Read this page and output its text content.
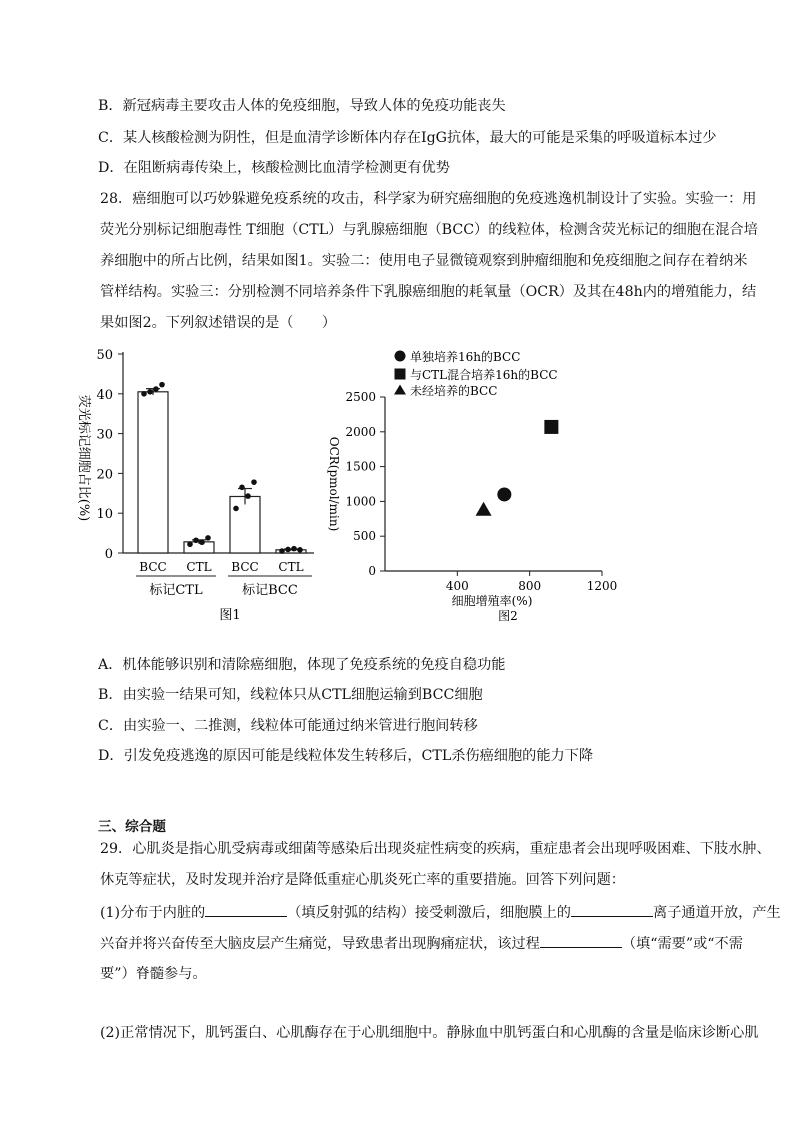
B．新冠病毒主要攻击人体的免疫细胞，导致人体的免疫功能丧失
C．某人核酸检测为阴性，但是血清学诊断体内存在IgG抗体，最大的可能是采集的呼吸道标本过少
D．在阻断病毒传染上，核酸检测比血清学检测更有优势
28．癌细胞可以巧妙躲避免疫系统的攻击，科学家为研究癌细胞的免疫逃逸机制设计了实验。实验一：用
荧光分别标记细胞毒性 T细胞（CTL）与乳腺癌细胞（BCC）的线粒体，检测含荧光标记的细胞在混合培
养细胞中的所占比例，结果如图1。实验二：使用电子显微镜观察到肿瘤细胞和免疫细胞之间存在着纳米
管样结构。实验三：分别检测不同培养条件下乳腺癌细胞的耗氧量（OCR）及其在48h内的增殖能力，结
果如图2。下列叙述错误的是（　　）
荧光标记细胞占比(%)
标记CTL	标记BCC
图1
0
10
20
30
40
50
BCC CTL BCC CTL
OCR(pmol/min)
细胞增殖率(%)
图2
单独培养16h的BCC
与CTL混合培养16h的BCC
未经培养的BCC
0
500
1000
1500
2000
2500
400	800	1200
A．机体能够识别和清除癌细胞，体现了免疫系统的免疫自稳功能
B．由实验一结果可知，线粒体只从CTL细胞运输到BCC细胞
C．由实验一、二推测，线粒体可能通过纳米管进行胞间转移
D．引发免疫逃逸的原因可能是线粒体发生转移后，CTL杀伤癌细胞的能力下降
三、综合题
29．心肌炎是指心肌受病毒或细菌等感染后出现炎症性病变的疾病，重症患者会出现呼吸困难、下肢水肿、
休克等症状，及时发现并治疗是降低重症心肌炎死亡率的重要措施。回答下列问题：
(1)分布于内脏的	（填反射弧的结构）接受刺激后，细胞膜上的	离子通道开放，产生
兴奋并将兴奋传至大脑皮层产生痛觉，导致患者出现胸痛症状，该过程	（填“需要”或“不需
要”）脊髓参与。
(2)正常情况下，肌钙蛋白、心肌酶存在于心肌细胞中。静脉血中肌钙蛋白和心肌酶的含量是临床诊断心肌
